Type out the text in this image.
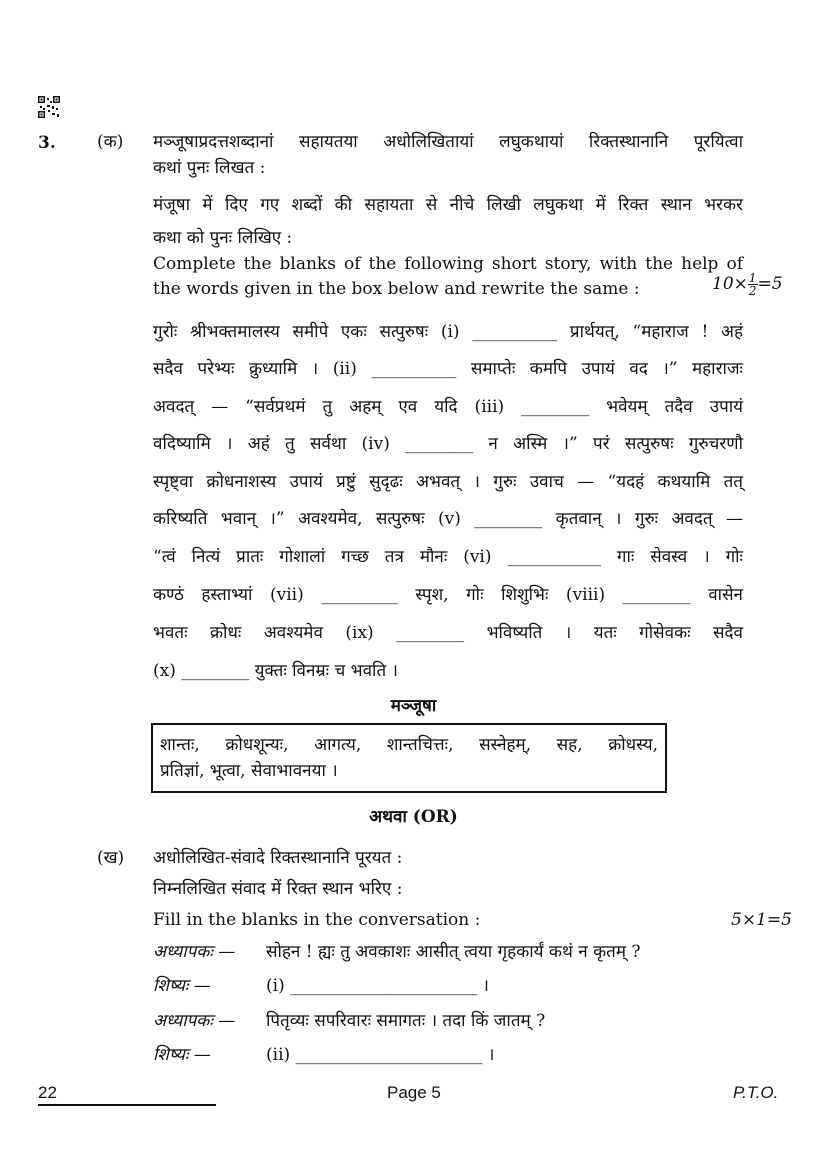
3. (क) मञ्जूषाप्रदत्तशब्दानां सहायतया अधोलिखितायां लघुकथायां रिक्तस्थानानि पूरयित्वा
कथां पुनः लिखत :
मंजूषा में दिए गए शब्दों की सहायता से नीचे लिखी लघुकथा में रिक्त स्थान भरकर
कथा को पुनः लिखिए :
Complete the blanks of the following short story, with the help of
the words given in the box below and rewrite the same :	$10\times \frac{1}{2} =5$
गुरोः श्रीभक्तमालस्य समीपे एकः सत्पुरुषः (i) __________ प्रार्थयत्, “महाराज ! अहं
सदैव परेभ्यः क्रुध्यामि । (ii) __________ समाप्तेः कमपि उपायं वद ।” महाराजः
अवदत् — “सर्वप्रथमं तु अहम् एव यदि (iii) ________ भवेयम् तदैव उपायं
वदिष्यामि । अहं तु सर्वथा (iv) ________ न अस्मि ।” परं सत्पुरुषः गुरुचरणौ
स्पृष्ट्वा क्रोधनाशस्य उपायं प्रष्टुं सुदृढः अभवत् । गुरुः उवाच — “यदहं कथयामि तत्
करिष्यति भवान् ।” अवश्यमेव, सत्पुरुषः (v) ________ कृतवान् । गुरुः अवदत् —
“त्वं नित्यं प्रातः गोशालां गच्छ तत्र मौनः (vi) ___________ गाः सेवस्व । गोः
कण्ठं हस्ताभ्यां (vii) _________ स्पृश, गोः शिशुभिः (viii) ________ वासेन
भवतः क्रोधः अवश्यमेव (ix) ________ भविष्यति । यतः गोसेवकः सदैव
(x) ________ युक्तः विनम्रः च भवति ।
मञ्जूषा
शान्तः, क्रोधशून्यः, आगत्य, शान्तचित्तः, सस्नेहम्, सह, क्रोधस्य,
प्रतिज्ञां, भूत्वा, सेवाभावनया ।
अथवा (OR)
(ख) अधोलिखित-संवादे रिक्तस्थानानि पूरयत :
निम्नलिखित संवाद में रिक्त स्थान भरिए :
Fill in the blanks in the conversation :	5×1=5
अध्यापकः — सोहन ! ह्यः तु अवकाशः आसीत् त्वया गृहकार्यं कथं न कृतम् ?
शिष्यः —	(i) ______________________ ।
अध्यापकः — पितृव्यः सपरिवारः समागतः । तदा किं जातम् ?
शिष्यः —	(ii) ______________________ ।
22	Page 5	P.T.O.
